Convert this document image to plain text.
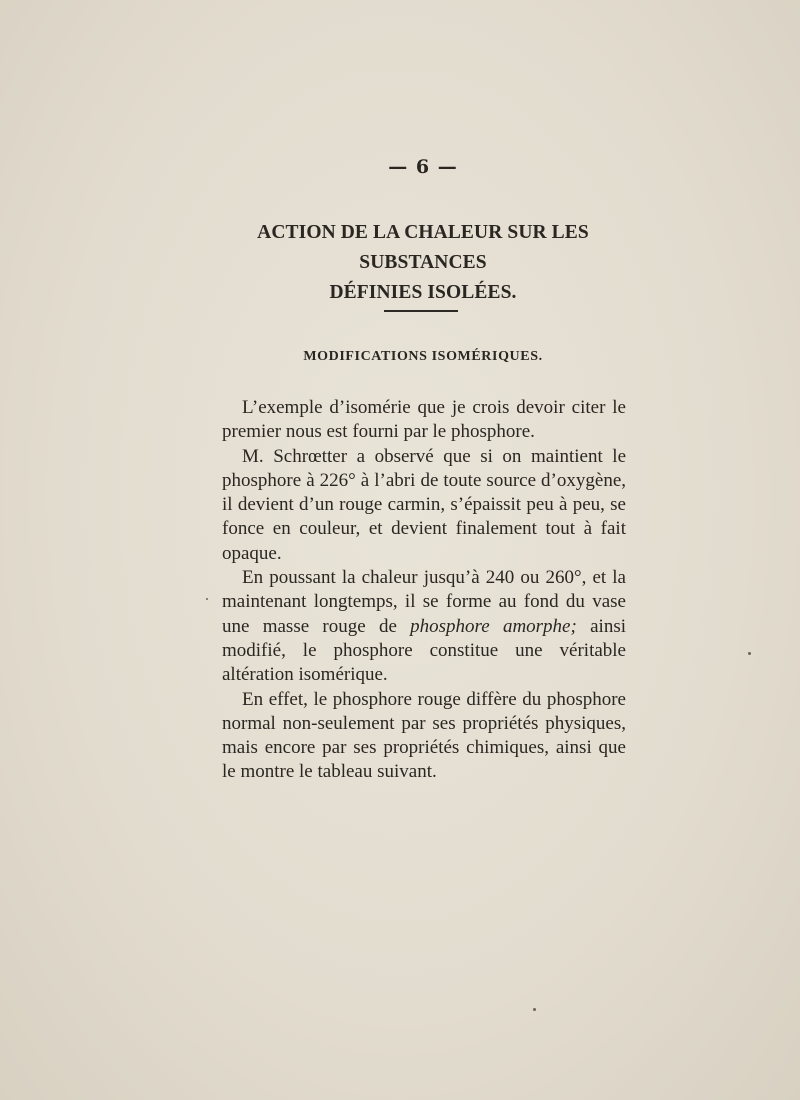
— 6 —
ACTION DE LA CHALEUR SUR LES SUBSTANCES
DÉFINIES ISOLÉES.
MODIFICATIONS ISOMÉRIQUES.

L’exemple d’isomérie que je crois devoir citer le premier nous est fourni par le phosphore.

M. Schrœtter a observé que si on maintient le phosphore à 226° à l’abri de toute source d’oxygène, il devient d’un rouge carmin, s’épaissit peu à peu, se fonce en couleur, et devient finalement tout à fait opaque.

En poussant la chaleur jusqu’à 240 ou 260°, et la maintenant longtemps, il se forme au fond du vase une masse rouge de phosphore amorphe; ainsi modifié, le phosphore constitue une véritable altération isomérique.

En effet, le phosphore rouge diffère du phosphore normal non-seulement par ses propriétés physiques, mais encore par ses propriétés chimiques, ainsi que le montre le tableau suivant.
